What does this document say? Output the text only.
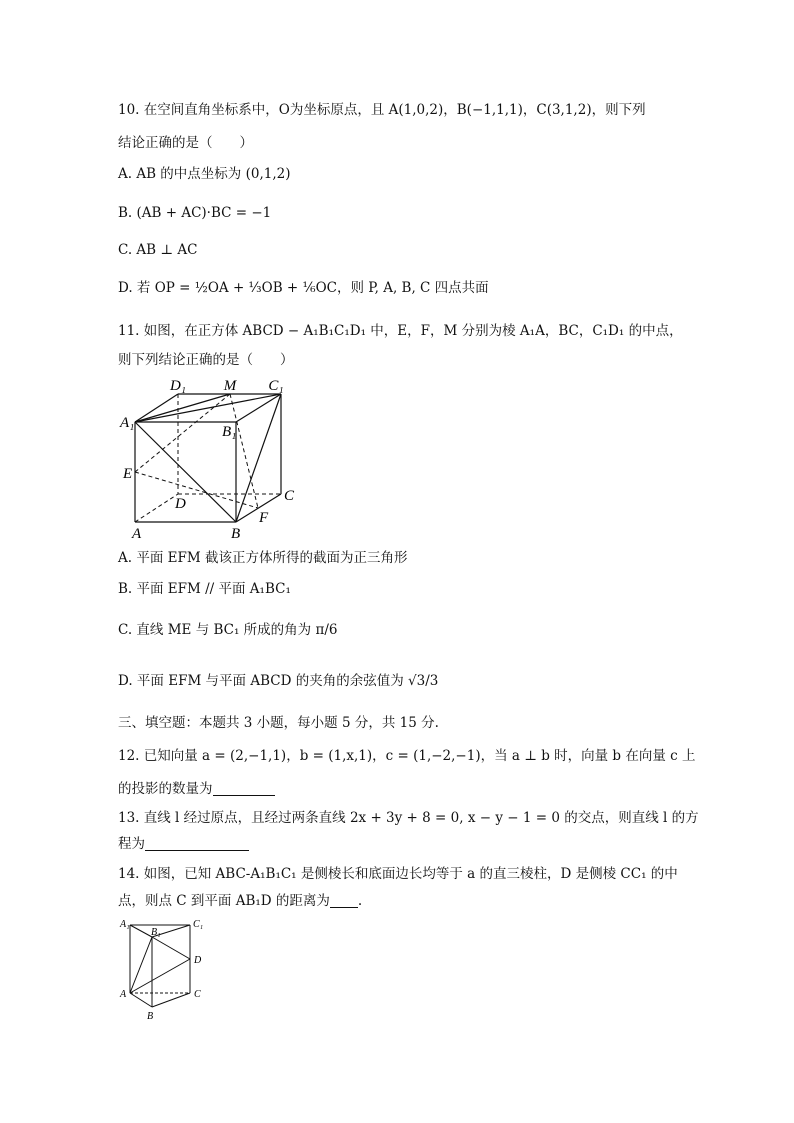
10. 在空间直角坐标系中，O为坐标原点，且 A(1,0,2)，B(−1,1,1)，C(3,1,2)，则下列
结论正确的是（　　）
A. AB 的中点坐标为 (0,1,2)
B. (AB + AC)·BC = −1
C. AB ⊥ AC
D. 若 OP = ½OA + ⅓OB + ⅙OC，则 P, A, B, C 四点共面
11. 如图，在正方体 ABCD − A₁B₁C₁D₁ 中，E，F，M 分别为棱 A₁A，BC，C₁D₁ 的中点，
则下列结论正确的是（　　）
D₁	M C₁
A₁
B₁
E
D	C
A	B
F
A. 平面 EFM 截该正方体所得的截面为正三角形
B. 平面 EFM // 平面 A₁BC₁
C. 直线 ME 与 BC₁ 所成的角为 π/6
D. 平面 EFM 与平面 ABCD 的夹角的余弦值为 √3/3
三、填空题：本题共 3 小题，每小题 5 分，共 15 分.
12. 已知向量 a = (2,−1,1)，b = (1,x,1)，c = (1,−2,−1)，当 a ⊥ b 时，向量 b 在向量 c 上
的投影的数量为
13. 直线 l 经过原点，且经过两条直线 2x + 3y + 8 = 0, x − y − 1 = 0 的交点，则直线 l 的方
程为
14. 如图，已知 ABC-A₁B₁C₁ 是侧棱长和底面边长均等于 a 的直三棱柱，D 是侧棱 CC₁ 的中
点，则点 C 到平面 AB₁D 的距离为 .
A₁
B₁
C₁
D
A	C
B
